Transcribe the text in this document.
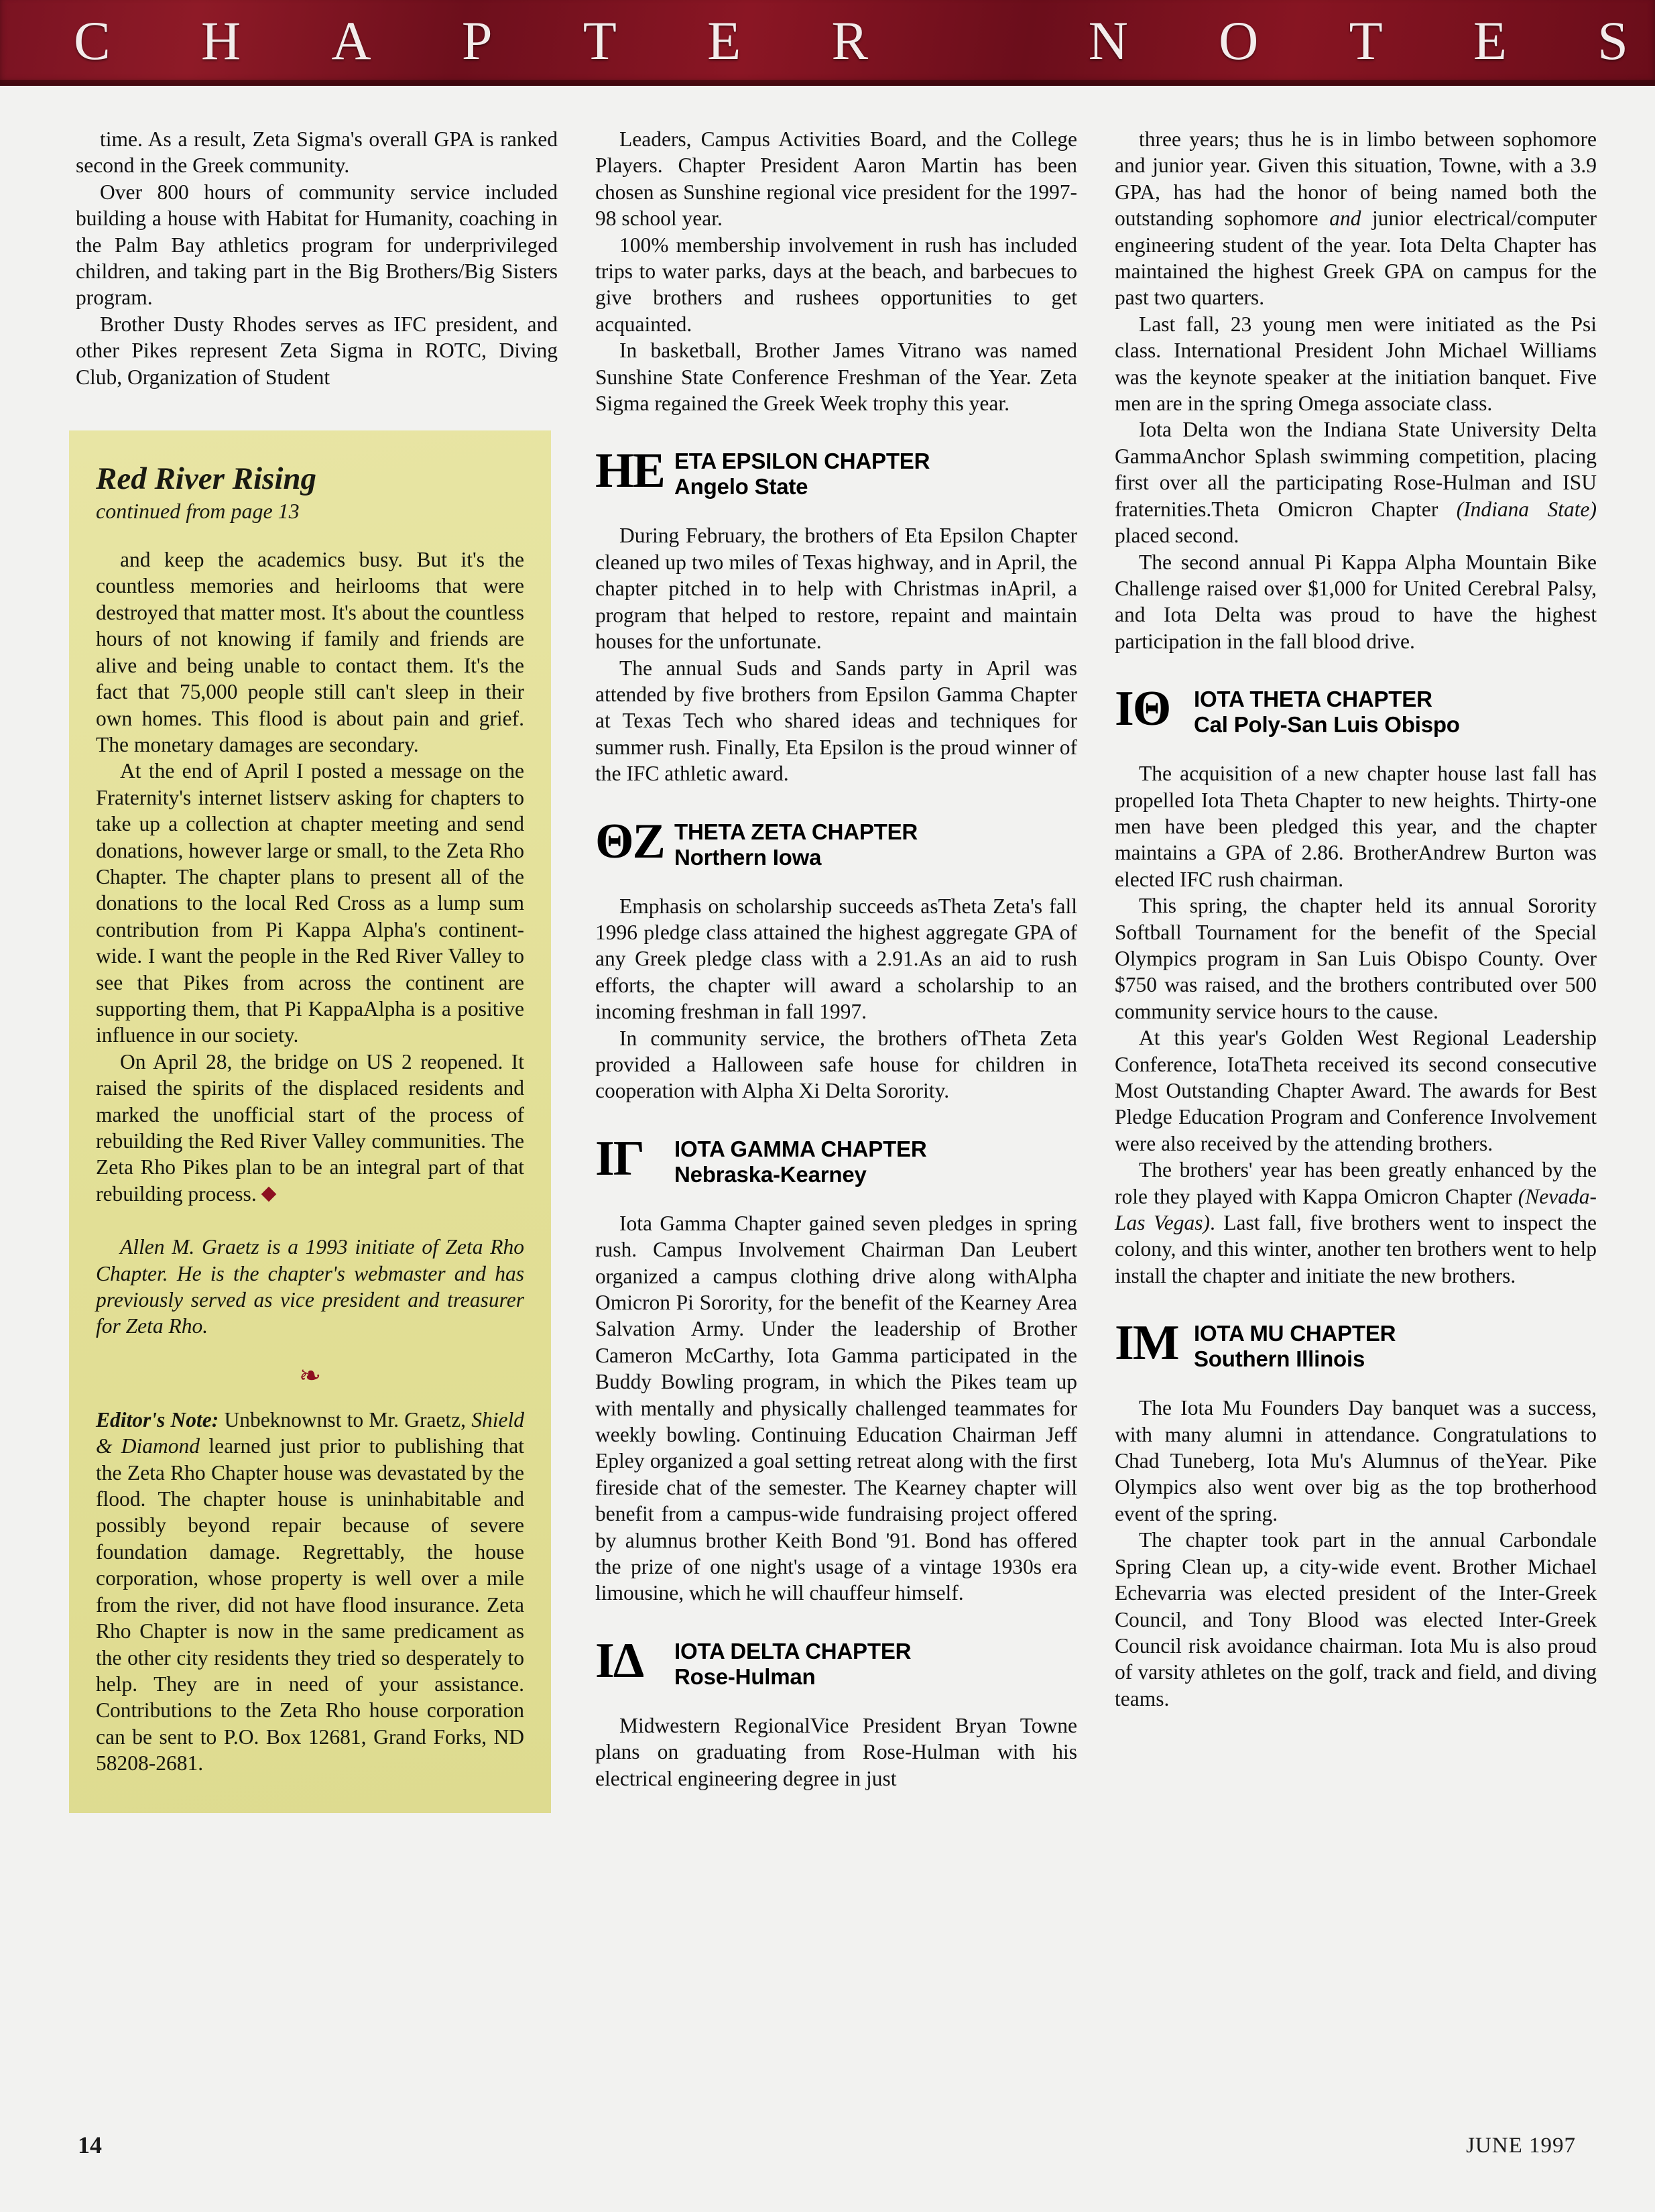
C H A P T E R	N O T E S

time. As a result, Zeta Sigma's overall GPA is ranked second in the Greek community.

Over 800 hours of community service included building a house with Habitat for Humanity, coaching in the Palm Bay athletics program for underprivileged children, and taking part in the Big Brothers/Big Sisters program.

Brother Dusty Rhodes serves as IFC president, and other Pikes represent Zeta Sigma in ROTC, Diving Club, Organization of Student

Red River Rising

continued from page 13

and keep the academics busy. But it's the countless memories and heirlooms that were destroyed that matter most. It's about the countless hours of not knowing if family and friends are alive and being unable to contact them. It's the fact that 75,000 people still can't sleep in their own homes. This flood is about pain and grief. The monetary damages are secondary.

At the end of April I posted a message on the Fraternity's internet listserv asking for chapters to take up a collection at chapter meeting and send donations, however large or small, to the Zeta Rho Chapter. The chapter plans to present all of the donations to the local Red Cross as a lump sum contribution from Pi Kappa Alpha's continent-wide. I want the people in the Red River Valley to see that Pikes from across the continent are supporting them, that Pi KappaAlpha is a positive influence in our society.

On April 28, the bridge on US 2 reopened. It raised the spirits of the displaced residents and marked the unofficial start of the process of rebuilding the Red River Valley communities. The Zeta Rho Pikes plan to be an integral part of that rebuilding process.

Allen M. Graetz is a 1993 initiate of Zeta Rho Chapter. He is the chapter's webmaster and has previously served as vice president and treasurer for Zeta Rho.

❧

Editor's Note: Unbeknownst to Mr. Graetz, Shield & Diamond learned just prior to publishing that the Zeta Rho Chapter house was devastated by the flood. The chapter house is uninhabitable and possibly beyond repair because of severe foundation damage. Regrettably, the house corporation, whose property is well over a mile from the river, did not have flood insurance. Zeta Rho Chapter is now in the same predicament as the other city residents they tried so desperately to help. They are in need of your assistance. Contributions to the Zeta Rho house corporation can be sent to P.O. Box 12681, Grand Forks, ND 58208-2681.

Leaders, Campus Activities Board, and the College Players. Chapter President Aaron Martin has been chosen as Sunshine regional vice president for the 1997-98 school year.

100% membership involvement in rush has included trips to water parks, days at the beach, and barbecues to give brothers and rushees opportunities to get acquainted.

In basketball, Brother James Vitrano was named Sunshine State Conference Freshman of the Year. Zeta Sigma regained the Greek Week trophy this year.

HE ETA EPSILON CHAPTER
Angelo State

During February, the brothers of Eta Epsilon Chapter cleaned up two miles of Texas highway, and in April, the chapter pitched in to help with Christmas inApril, a program that helped to restore, repaint and maintain houses for the unfortunate.

The annual Suds and Sands party in April was attended by five brothers from Epsilon Gamma Chapter at Texas Tech who shared ideas and techniques for summer rush. Finally, Eta Epsilon is the proud winner of the IFC athletic award.

ΘZ THETA ZETA CHAPTER
Northern Iowa

Emphasis on scholarship succeeds asTheta Zeta's fall 1996 pledge class attained the highest aggregate GPA of any Greek pledge class with a 2.91.As an aid to rush efforts, the chapter will award a scholarship to an incoming freshman in fall 1997.

In community service, the brothers ofTheta Zeta provided a Halloween safe house for children in cooperation with Alpha Xi Delta Sorority.

IΓ	IOTA GAMMA CHAPTER
Nebraska-Kearney

Iota Gamma Chapter gained seven pledges in spring rush. Campus Involvement Chairman Dan Leubert organized a campus clothing drive along withAlpha Omicron Pi Sorority, for the benefit of the Kearney Area Salvation Army. Under the leadership of Brother Cameron McCarthy, Iota Gamma participated in the Buddy Bowling program, in which the Pikes team up with mentally and physically challenged teammates for weekly bowling. Continuing Education Chairman Jeff Epley organized a goal setting retreat along with the first fireside chat of the semester. The Kearney chapter will benefit from a campus-wide fundraising project offered by alumnus brother Keith Bond '91. Bond has offered the prize of one night's usage of a vintage 1930s era limousine, which he will chauffeur himself.

IΔ	IOTA DELTA CHAPTER
Rose-Hulman

Midwestern RegionalVice President Bryan Towne plans on graduating from Rose-Hulman with his electrical engineering degree in just

three years; thus he is in limbo between sophomore and junior year. Given this situation, Towne, with a 3.9 GPA, has had the honor of being named both the outstanding sophomore and junior electrical/computer engineering student of the year. Iota Delta Chapter has maintained the highest Greek GPA on campus for the past two quarters.

Last fall, 23 young men were initiated as the Psi class. International President John Michael Williams was the keynote speaker at the initiation banquet. Five men are in the spring Omega associate class.

Iota Delta won the Indiana State University Delta GammaAnchor Splash swimming competition, placing first over all the participating Rose-Hulman and ISU fraternities.Theta Omicron Chapter (Indiana State) placed second.

The second annual Pi Kappa Alpha Mountain Bike Challenge raised over $1,000 for United Cerebral Palsy, and Iota Delta was proud to have the highest participation in the fall blood drive.

IΘ	IOTA THETA CHAPTER
Cal Poly-San Luis Obispo

The acquisition of a new chapter house last fall has propelled Iota Theta Chapter to new heights. Thirty-one men have been pledged this year, and the chapter maintains a GPA of 2.86. BrotherAndrew Burton was elected IFC rush chairman.

This spring, the chapter held its annual Sorority Softball Tournament for the benefit of the Special Olympics program in San Luis Obispo County. Over $750 was raised, and the brothers contributed over 500 community service hours to the cause.

At this year's Golden West Regional Leadership Conference, IotaTheta received its second consecutive Most Outstanding Chapter Award. The awards for Best Pledge Education Program and Conference Involvement were also received by the attending brothers.

The brothers' year has been greatly enhanced by the role they played with Kappa Omicron Chapter (Nevada-Las Vegas). Last fall, five brothers went to inspect the colony, and this winter, another ten brothers went to help install the chapter and initiate the new brothers.

IM IOTA MU CHAPTER
Southern Illinois

The Iota Mu Founders Day banquet was a success, with many alumni in attendance. Congratulations to Chad Tuneberg, Iota Mu's Alumnus of theYear. Pike Olympics also went over big as the top brotherhood event of the spring.

The chapter took part in the annual Carbondale Spring Clean up, a city-wide event. Brother Michael Echevarria was elected president of the Inter-Greek Council, and Tony Blood was elected Inter-Greek Council risk avoidance chairman. Iota Mu is also proud of varsity athletes on the golf, track and field, and diving teams.

14	JUNE 1997
